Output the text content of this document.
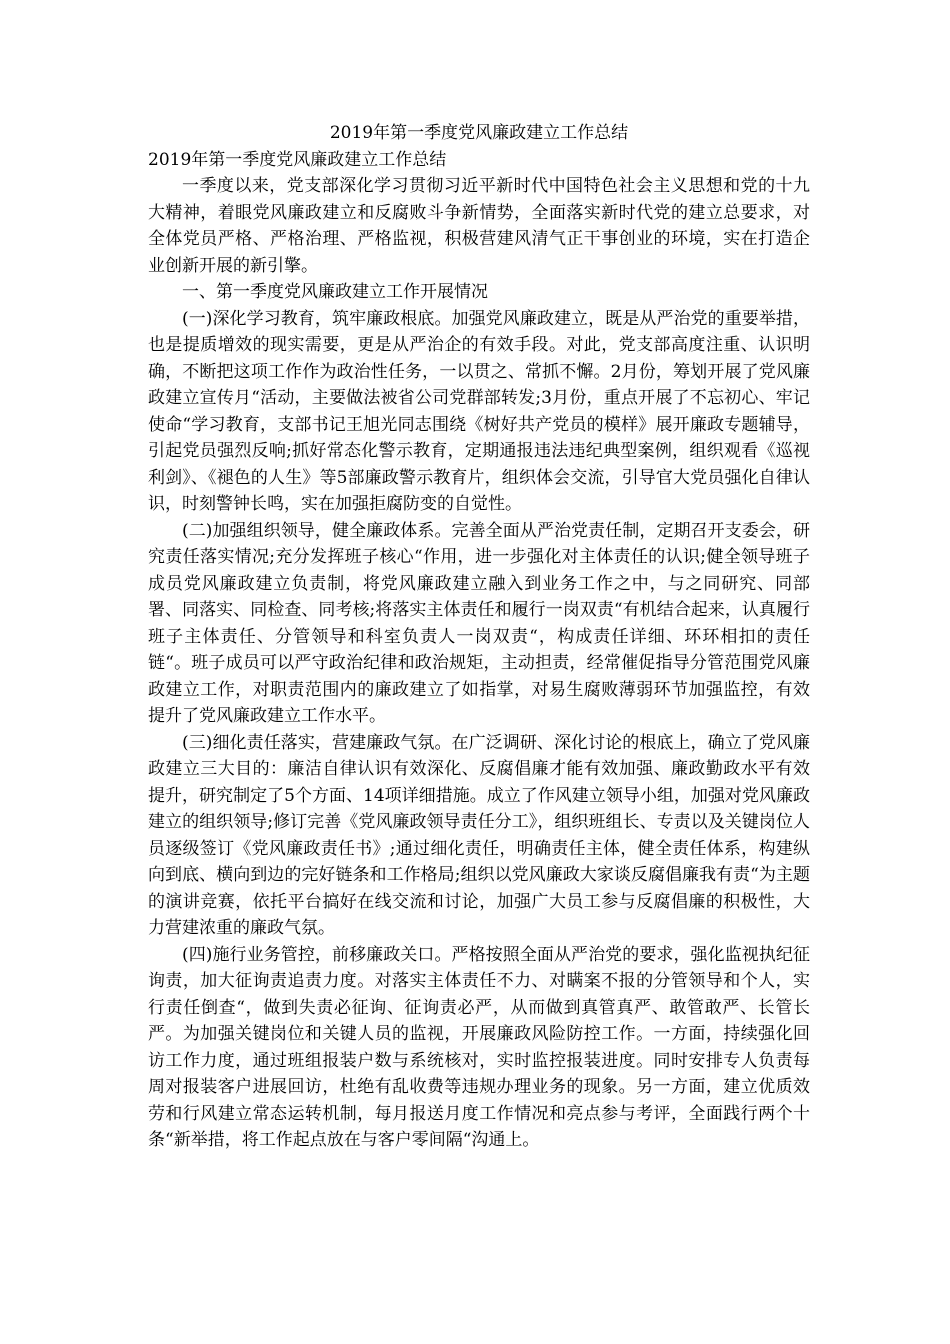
2019年第一季度党风廉政建立工作总结
2019年第一季度党风廉政建立工作总结

一季度以来，党支部深化学习贯彻习近平新时代中国特色社会主义思想和党的十九大精神，着眼党风廉政建立和反腐败斗争新情势，全面落实新时代党的建立总要求，对全体党员严格、严格治理、严格监视，积极营建风清气正干事创业的环境，实在打造企业创新开展的新引擎。

一、第一季度党风廉政建立工作开展情况

(一)深化学习教育，筑牢廉政根底。加强党风廉政建立，既是从严治党的重要举措，也是提质增效的现实需要，更是从严治企的有效手段。对此，党支部高度注重、认识明确，不断把这项工作作为政治性任务，一以贯之、常抓不懈。2月份，筹划开展了党风廉政建立宣传月“活动，主要做法被省公司党群部转发;3月份，重点开展了不忘初心、牢记使命“学习教育，支部书记王旭光同志围绕《树好共产党员的模样》展开廉政专题辅导，引起党员强烈反响;抓好常态化警示教育，定期通报违法违纪典型案例，组织观看《巡视利剑》、《褪色的人生》等5部廉政警示教育片，组织体会交流，引导官大党员强化自律认识，时刻警钟长鸣，实在加强拒腐防变的自觉性。

(二)加强组织领导，健全廉政体系。完善全面从严治党责任制，定期召开支委会，研究责任落实情况;充分发挥班子核心“作用，进一步强化对主体责任的认识;健全领导班子成员党风廉政建立负责制，将党风廉政建立融入到业务工作之中，与之同研究、同部署、同落实、同检查、同考核;将落实主体责任和履行一岗双责“有机结合起来，认真履行班子主体责任、分管领导和科室负责人一岗双责“，构成责任详细、环环相扣的责任链“。班子成员可以严守政治纪律和政治规矩，主动担责，经常催促指导分管范围党风廉政建立工作，对职责范围内的廉政建立了如指掌，对易生腐败薄弱环节加强监控，有效提升了党风廉政建立工作水平。

(三)细化责任落实，营建廉政气氛。在广泛调研、深化讨论的根底上，确立了党风廉政建立三大目的：廉洁自律认识有效深化、反腐倡廉才能有效加强、廉政勤政水平有效提升，研究制定了5个方面、14项详细措施。成立了作风建立领导小组，加强对党风廉政建立的组织领导;修订完善《党风廉政领导责任分工》，组织班组长、专责以及关键岗位人员逐级签订《党风廉政责任书》;通过细化责任，明确责任主体，健全责任体系，构建纵向到底、横向到边的完好链条和工作格局;组织以党风廉政大家谈反腐倡廉我有责“为主题的演讲竞赛，依托平台搞好在线交流和讨论，加强广大员工参与反腐倡廉的积极性，大力营建浓重的廉政气氛。

(四)施行业务管控，前移廉政关口。严格按照全面从严治党的要求，强化监视执纪征询责，加大征询责追责力度。对落实主体责任不力、对瞒案不报的分管领导和个人，实行责任倒查“，做到失责必征询、征询责必严，从而做到真管真严、敢管敢严、长管长严。为加强关键岗位和关键人员的监视，开展廉政风险防控工作。一方面，持续强化回访工作力度，通过班组报装户数与系统核对，实时监控报装进度。同时安排专人负责每周对报装客户进展回访，杜绝有乱收费等违规办理业务的现象。另一方面，建立优质效劳和行风建立常态运转机制，每月报送月度工作情况和亮点参与考评，全面践行两个十条“新举措，将工作起点放在与客户零间隔“沟通上。
